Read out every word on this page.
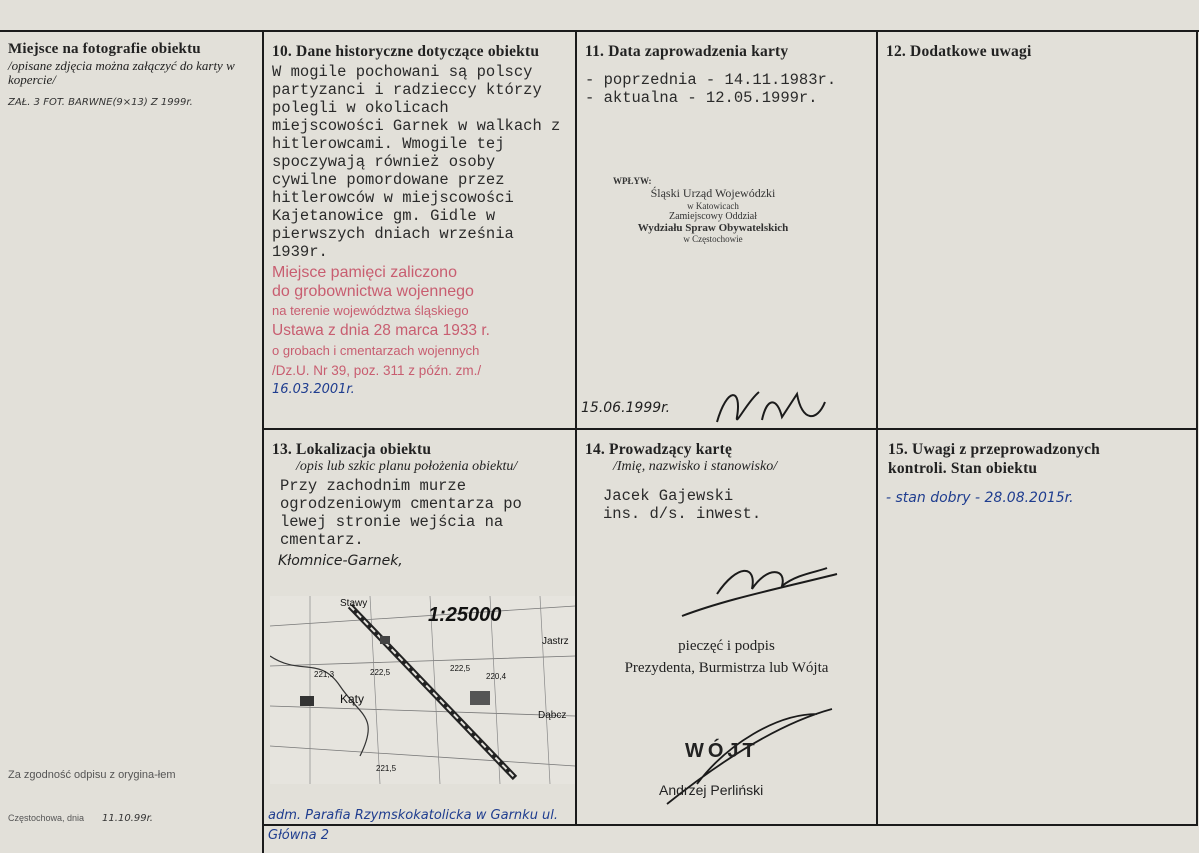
Miejsce na fotografie obiektu
/opisane zdjęcia można załączyć do karty w kopercie/
ZAŁ. 3 FOT. BARWNE(9×13) Z 1999r.
Za zgodność odpisu z orygina-łem
Częstochowa, dnia 11.10.99r.
10. Dane historyczne dotyczące obiektu
W mogile pochowani są polscy partyzanci i radzieccy którzy polegli w okolicach miejscowości Garnek w walkach z hitlerowcami. Wmogile tej spoczywają również osoby cywilne pomordowane przez hitlerowców w miejscowości Kajetanowice gm. Gidle w pierwszych dniach września 1939r.
Miejsce pamięci zaliczono
do grobownictwa wojennego
na terenie województwa śląskiego
Ustawa z dnia 28 marca 1933 r.
o grobach i cmentarzach wojennych
/Dz.U. Nr 39, poz. 311 z późn. zm./
16.03.2001r.
11. Data zaprowadzenia karty
- poprzednia - 14.11.1983r.
- aktualna - 12.05.1999r.
WPŁYW:
Śląski Urząd Wojewódzki
w Katowicach
Zamiejscowy Oddział
Wydziału Spraw Obywatelskich
w Częstochowie
15.06.1999r.
12. Dodatkowe uwagi
13. Lokalizacja obiektu
/opis lub szkic planu położenia obiektu/
Przy zachodnim murze ogrodzeniowym cmentarza po lewej stronie wejścia na cmentarz.
Kłomnice-Garnek,
1:25000
Stawy
Jastrz
Kąty
Dąbcz
221,3	222,5	222,5
220,4
221,5
adm. Parafia Rzymskokatolicka w Garnku ul. Główna 2
14. Prowadzący kartę
/Imię, nazwisko i stanowisko/
Jacek Gajewski
ins. d/s. inwest.
pieczęć i podpis
Prezydenta, Burmistrza lub Wójta
WÓJT
Andrzej Perliński
15. Uwagi z przeprowadzonych kontroli. Stan obiektu
- stan dobry - 28.08.2015r.
